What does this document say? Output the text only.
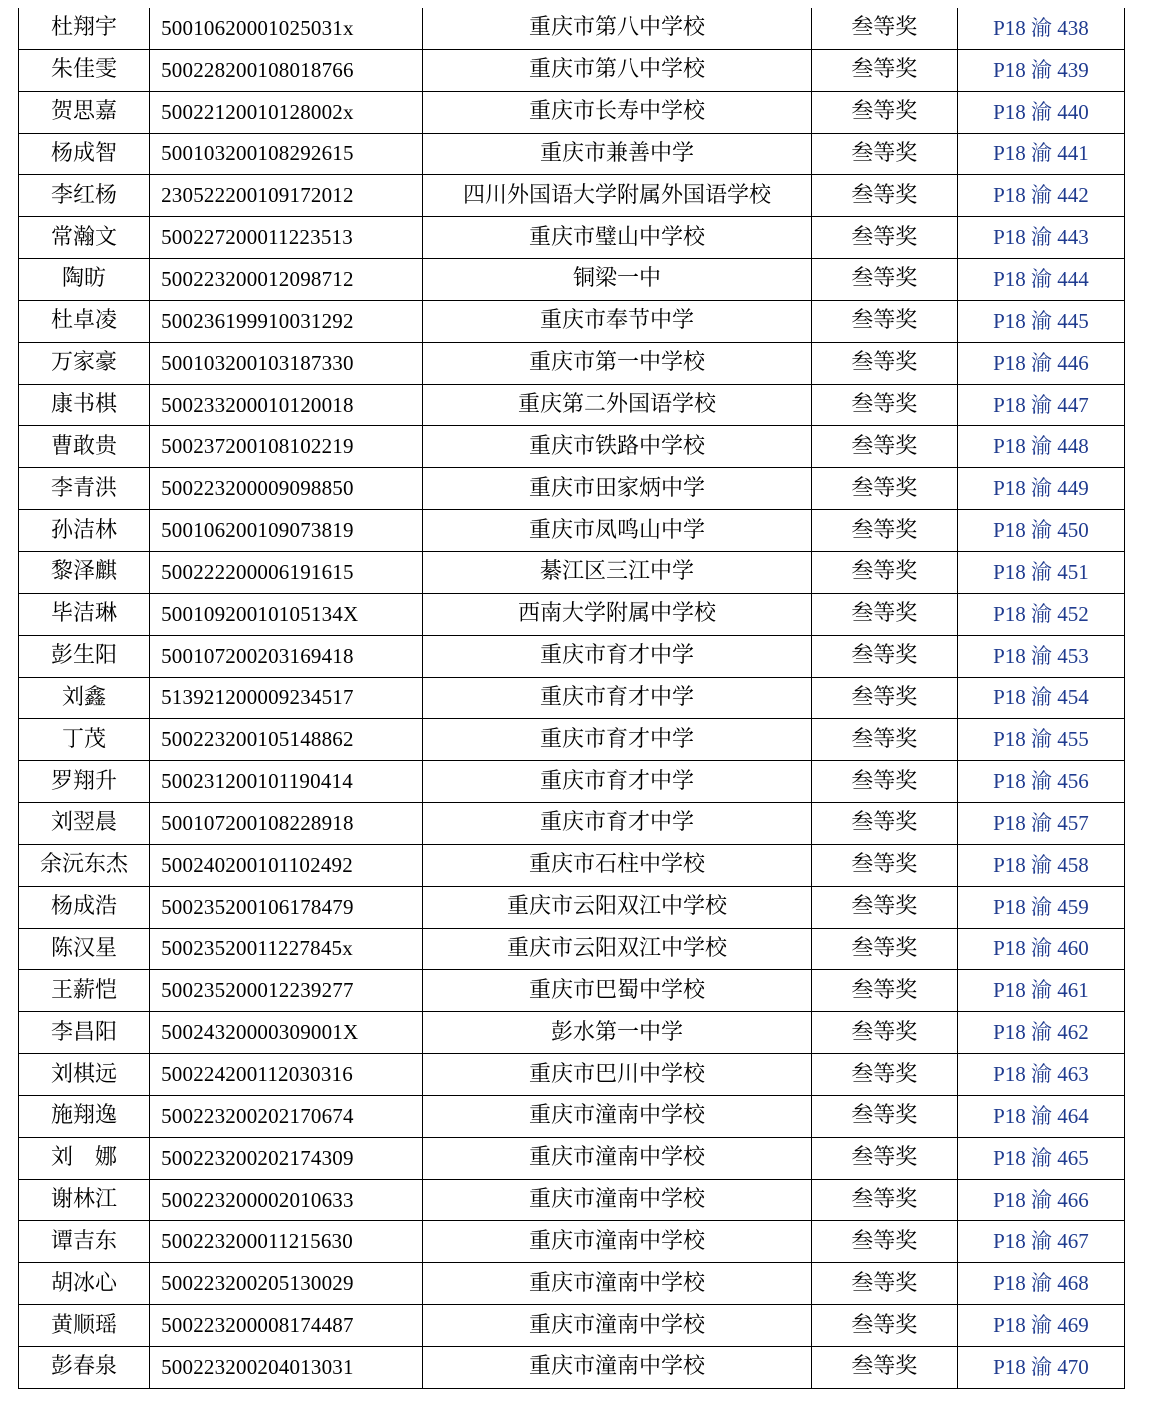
杜翔宇	50010620001025031x	重庆市第八中学校	叁等奖	P18 渝 438
朱佳雯	500228200108018766	重庆市第八中学校	叁等奖	P18 渝 439
贺思嘉	50022120010128002x	重庆市长寿中学校	叁等奖	P18 渝 440
杨成智	500103200108292615	重庆市兼善中学	叁等奖	P18 渝 441
李红杨	230522200109172012	四川外国语大学附属外国语学校	叁等奖	P18 渝 442
常瀚文	500227200011223513	重庆市璧山中学校	叁等奖	P18 渝 443
陶昉	500223200012098712	铜梁一中	叁等奖	P18 渝 444
杜卓凌	500236199910031292	重庆市奉节中学	叁等奖	P18 渝 445
万家豪	500103200103187330	重庆市第一中学校	叁等奖	P18 渝 446
康书棋	500233200010120018	重庆第二外国语学校	叁等奖	P18 渝 447
曹敢贵	500237200108102219	重庆市铁路中学校	叁等奖	P18 渝 448
李青洪	500223200009098850	重庆市田家炳中学	叁等奖	P18 渝 449
孙洁林	500106200109073819	重庆市凤鸣山中学	叁等奖	P18 渝 450
黎泽麒	500222200006191615	綦江区三江中学	叁等奖	P18 渝 451
毕洁琳	50010920010105134X	西南大学附属中学校	叁等奖	P18 渝 452
彭生阳	500107200203169418	重庆市育才中学	叁等奖	P18 渝 453
刘鑫	513921200009234517	重庆市育才中学	叁等奖	P18 渝 454
丁茂	500223200105148862	重庆市育才中学	叁等奖	P18 渝 455
罗翔升	500231200101190414	重庆市育才中学	叁等奖	P18 渝 456
刘翌晨	500107200108228918	重庆市育才中学	叁等奖	P18 渝 457
余沅东杰	500240200101102492	重庆市石柱中学校	叁等奖	P18 渝 458
杨成浩	500235200106178479	重庆市云阳双江中学校	叁等奖	P18 渝 459
陈汉星	50023520011227845x	重庆市云阳双江中学校	叁等奖	P18 渝 460
王薪恺	500235200012239277	重庆市巴蜀中学校	叁等奖	P18 渝 461
李昌阳	50024320000309001X	彭水第一中学	叁等奖	P18 渝 462
刘棋远	500224200112030316	重庆市巴川中学校	叁等奖	P18 渝 463
施翔逸	500223200202170674	重庆市潼南中学校	叁等奖	P18 渝 464
刘　娜	500223200202174309	重庆市潼南中学校	叁等奖	P18 渝 465
谢林江	500223200002010633	重庆市潼南中学校	叁等奖	P18 渝 466
谭吉东	500223200011215630	重庆市潼南中学校	叁等奖	P18 渝 467
胡冰心	500223200205130029	重庆市潼南中学校	叁等奖	P18 渝 468
黄顺瑶	500223200008174487	重庆市潼南中学校	叁等奖	P18 渝 469
彭春泉	500223200204013031	重庆市潼南中学校	叁等奖	P18 渝 470
